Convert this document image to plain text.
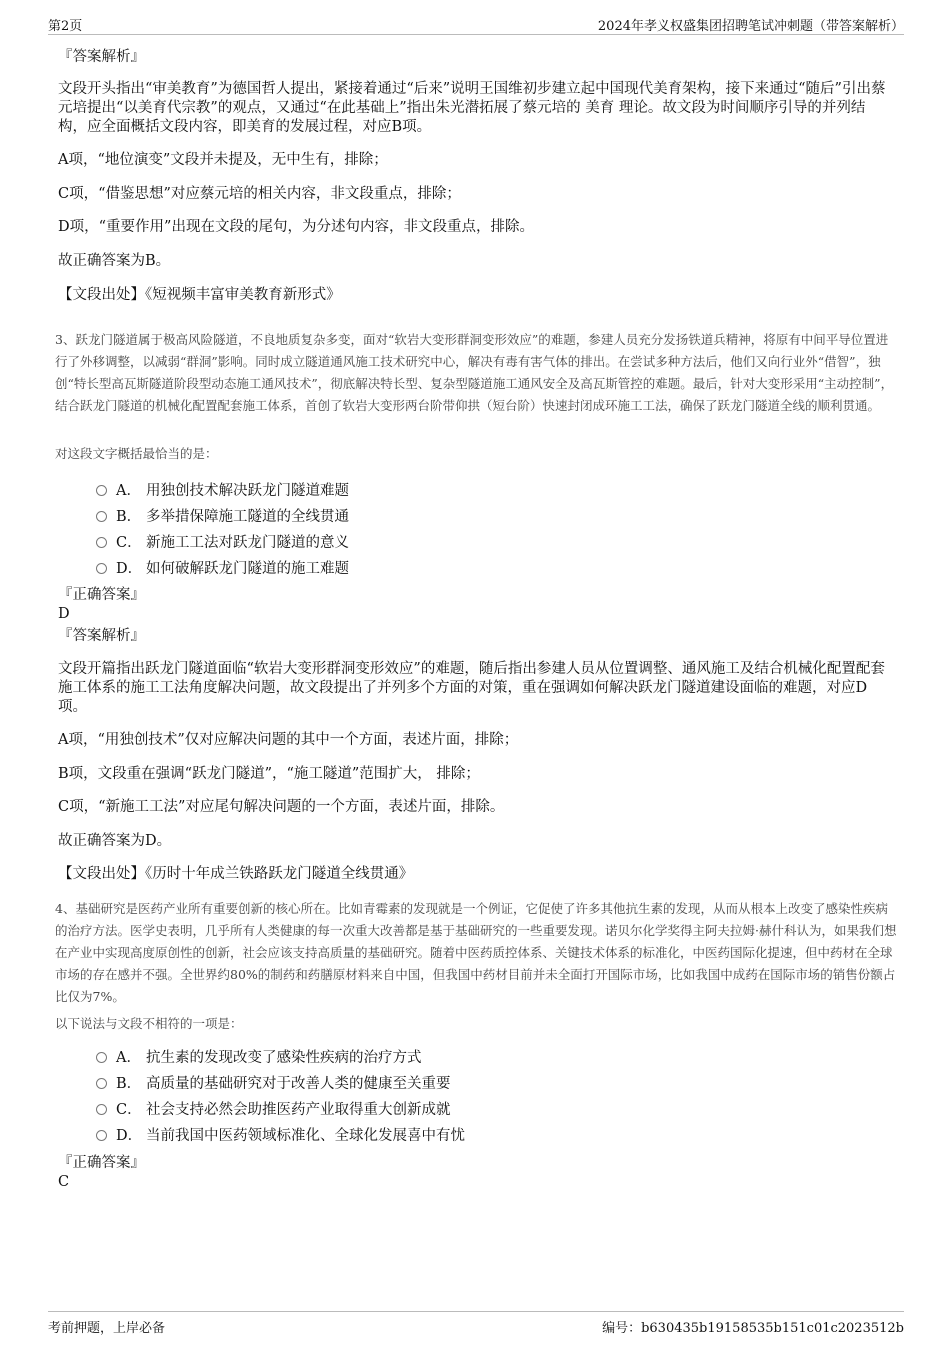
第2页	2024年孝义权盛集团招聘笔试冲刺题（带答案解析）

『答案解析』

文段开头指出“审美教育”为德国哲人提出，紧接着通过“后来”说明王国维初步建立起中国现代美育架构，接下来通过“随后”引出蔡元培提出“以美育代宗教”的观点，又通过“在此基础上”指出朱光潜拓展了蔡元培的 美育 理论。故文段为时间顺序引导的并列结构，应全面概括文段内容，即美育的发展过程，对应B项。

A项，“地位演变”文段并未提及，无中生有，排除；

C项，“借鉴思想”对应蔡元培的相关内容，非文段重点，排除；

D项，“重要作用”出现在文段的尾句，为分述句内容，非文段重点，排除。

故正确答案为B。

【文段出处】《短视频丰富审美教育新形式》

3、跃龙门隧道属于极高风险隧道，不良地质复杂多变，面对“软岩大变形群洞变形效应”的难题，参建人员充分发扬铁道兵精神，将原有中间平导位置进行了外移调整，以减弱“群洞”影响。同时成立隧道通风施工技术研究中心，解决有毒有害气体的排出。在尝试多种方法后，他们又向行业外“借智”，独创“特长型高瓦斯隧道阶段型动态施工通风技术”，彻底解决特长型、复杂型隧道施工通风安全及高瓦斯管控的难题。最后，针对大变形采用“主动控制”，结合跃龙门隧道的机械化配置配套施工体系，首创了软岩大变形两台阶带仰拱（短台阶）快速封闭成环施工工法，确保了跃龙门隧道全线的顺利贯通。

对这段文字概括最恰当的是：

A． 用独创技术解决跃龙门隧道难题
B． 多举措保障施工隧道的全线贯通
C． 新施工工法对跃龙门隧道的意义
D． 如何破解跃龙门隧道的施工难题

『正确答案』

D

『答案解析』

文段开篇指出跃龙门隧道面临“软岩大变形群洞变形效应”的难题，随后指出参建人员从位置调整、通风施工及结合机械化配置配套施工体系的施工工法角度解决问题，故文段提出了并列多个方面的对策，重在强调如何解决跃龙门隧道建设面临的难题，对应D项。

A项，“用独创技术”仅对应解决问题的其中一个方面，表述片面，排除；

B项，文段重在强调“跃龙门隧道”，“施工隧道”范围扩大， 排除；

C项，“新施工工法”对应尾句解决问题的一个方面，表述片面，排除。

故正确答案为D。

【文段出处】《历时十年成兰铁路跃龙门隧道全线贯通》

4、基础研究是医药产业所有重要创新的核心所在。比如青霉素的发现就是一个例证，它促使了许多其他抗生素的发现，从而从根本上改变了感染性疾病的治疗方法。医学史表明，几乎所有人类健康的每一次重大改善都是基于基础研究的一些重要发现。诺贝尔化学奖得主阿夫拉姆·赫什科认为，如果我们想在产业中实现高度原创性的创新，社会应该支持高质量的基础研究。随着中医药质控体系、关键技术体系的标准化，中医药国际化提速，但中药材在全球市场的存在感并不强。全世界约80%的制药和药膳原材料来自中国，但我国中药材目前并未全面打开国际市场，比如我国中成药在国际市场的销售份额占比仅为7%。

以下说法与文段不相符的一项是：

A． 抗生素的发现改变了感染性疾病的治疗方式
B． 高质量的基础研究对于改善人类的健康至关重要
C． 社会支持必然会助推医药产业取得重大创新成就
D． 当前我国中医药领域标准化、全球化发展喜中有忧

『正确答案』

C

考前押题，上岸必备	编号：b630435b19158535b151c01c2023512b
